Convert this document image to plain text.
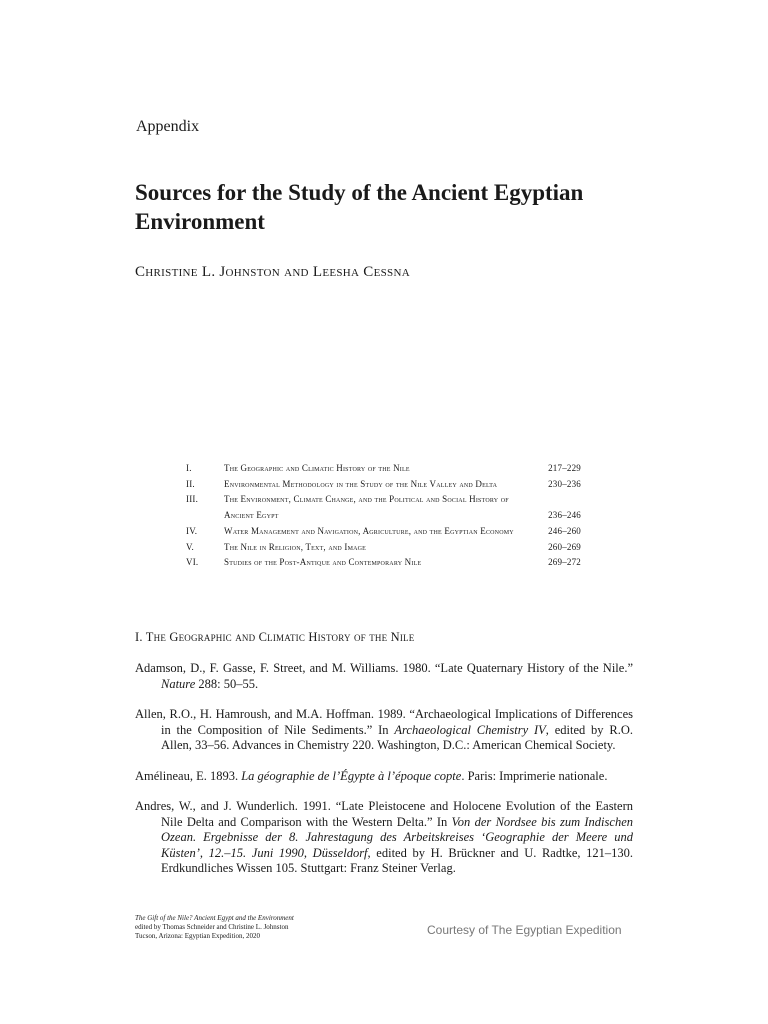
Appendix
Sources for the Study of the Ancient Egyptian Environment
Christine L. Johnston and Leesha Cessna
I.	The Geographic and Climatic History of the Nile	217–229
II.	Environmental Methodology in the Study of the Nile Valley and Delta	230–236
III.	The Environment, Climate Change, and the Political and Social History of Ancient Egypt	236–246
IV.	Water Management and Navigation, Agriculture, and the Egyptian Economy	246–260
V.	The Nile in Religion, Text, and Image	260–269
VI.	Studies of the Post-Antique and Contemporary Nile	269–272
I. The Geographic and Climatic History of the Nile

Adamson, D., F. Gasse, F. Street, and M. Williams. 1980. “Late Quaternary History of the Nile.” Nature 288: 50–55.

Allen, R.O., H. Hamroush, and M.A. Hoffman. 1989. “Archaeological Implications of Differences in the Composition of Nile Sediments.” In Archaeological Chemistry IV, edited by R.O. Allen, 33–56. Advances in Chemistry 220. Washington, D.C.: American Chemical Society.

Amélineau, E. 1893. La géographie de l’Égypte à l’époque copte. Paris: Imprimerie nationale.

Andres, W., and J. Wunderlich. 1991. “Late Pleistocene and Holocene Evolution of the Eastern Nile Delta and Comparison with the Western Delta.” In Von der Nordsee bis zum Indischen Ozean. Ergebnisse der 8. Jahrestagung des Arbeitskreises ‘Geographie der Meere und Küsten’, 12.–15. Juni 1990, Düsseldorf, edited by H. Brückner and U. Radtke, 121–130. Erdkundliches Wissen 105. Stuttgart: Franz Steiner Verlag.

The Gift of the Nile? Ancient Egypt and the Environment
edited by Thomas Schneider and Christine L. Johnston
Tucson, Arizona: Egyptian Expedition, 2020	Courtesy of The Egyptian Expedition
